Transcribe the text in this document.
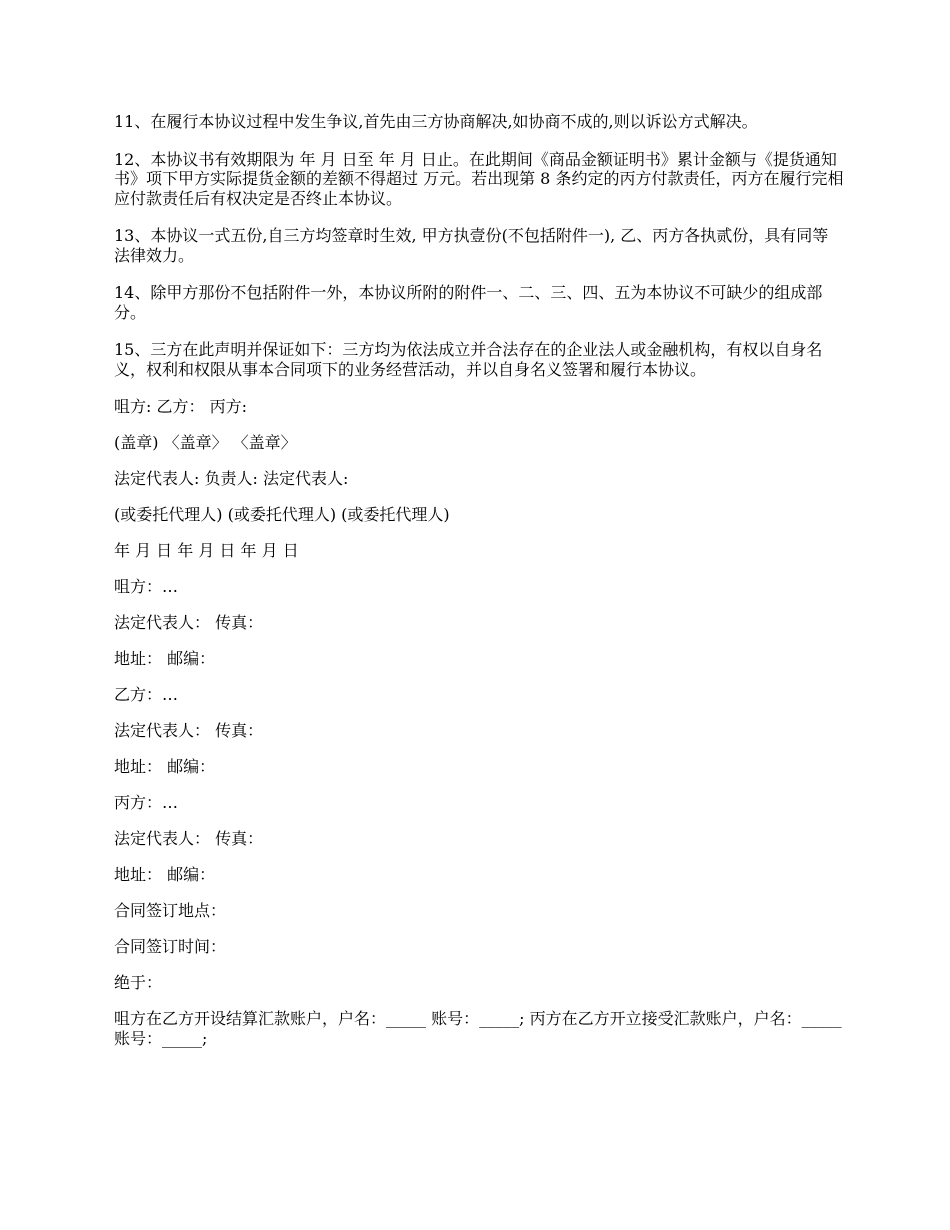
11、在履行本协议过程中发生争议,首先由三方协商解决,如协商不成的,则以诉讼方式解决。

12、本协议书有效期限为 年 月 日至 年 月 日止。在此期间《商品金额证明书》累计金额与《提货通知书》项下甲方实际提货金额的差额不得超过 万元。若出现第 8 条约定的丙方付款责任，丙方在履行完相应付款责任后有权决定是否终止本协议。

13、本协议一式五份,自三方均签章时生效, 甲方执壹份(不包括附件一), 乙、丙方各执贰份，具有同等法律效力。

14、除甲方那份不包括附件一外，本协议所附的附件一、二、三、四、五为本协议不可缺少的组成部分。

15、三方在此声明并保证如下：三方均为依法成立并合法存在的企业法人或金融机构，有权以自身名义，权利和权限从事本合同项下的业务经营活动，并以自身名义签署和履行本协议。

咀方: 乙方： 丙方:

(盖章) 〈盖章〉 〈盖章〉

法定代表人: 负责人: 法定代表人:

(或委托代理人) (或委托代理人) (或委托代理人)

年 月 日 年 月 日 年 月 日

咀方：…

法定代表人： 传真：

地址： 邮编：

乙方：…

法定代表人： 传真：

地址： 邮编：

丙方：…

法定代表人： 传真：

地址： 邮编：

合同签订地点：

合同签订时间：

绝于：

咀方在乙方开设结算汇款账户，户名：_____ 账号：_____; 丙方在乙方开立接受汇款账户，户名：_____ 账号：_____;
